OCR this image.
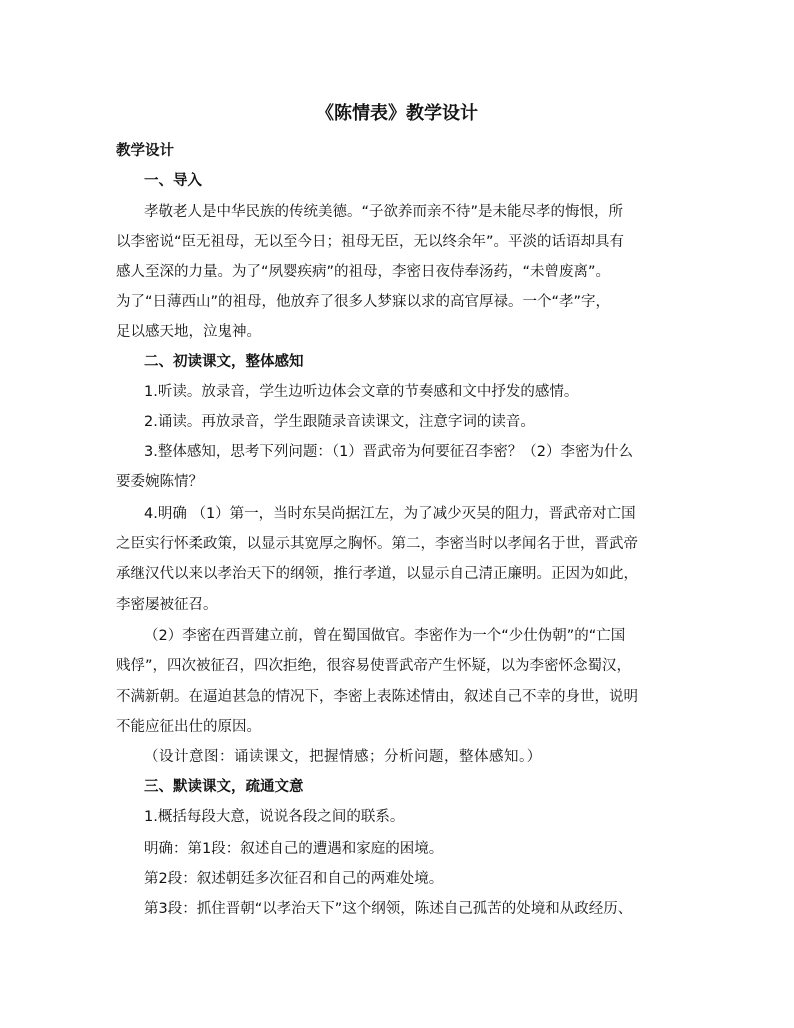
《陈情表》教学设计
教学设计
一、导入
孝敬老人是中华民族的传统美德。“子欲养而亲不待”是未能尽孝的悔恨，所
以李密说“臣无祖母，无以至今日；祖母无臣，无以终余年”。平淡的话语却具有
感人至深的力量。为了“夙婴疾病”的祖母，李密日夜侍奉汤药，“未曾废离”。
为了“日薄西山”的祖母，他放弃了很多人梦寐以求的高官厚禄。一个“孝”字，
足以感天地，泣鬼神。
二、初读课文，整体感知
1.听读。放录音，学生边听边体会文章的节奏感和文中抒发的感情。
2.诵读。再放录音，学生跟随录音读课文，注意字词的读音。
3.整体感知，思考下列问题：（1）晋武帝为何要征召李密？（2）李密为什么
要委婉陈情？
4.明确 （1）第一，当时东吴尚据江左，为了减少灭吴的阻力，晋武帝对亡国
之臣实行怀柔政策，以显示其宽厚之胸怀。第二，李密当时以孝闻名于世，晋武帝
承继汉代以来以孝治天下的纲领，推行孝道，以显示自己清正廉明。正因为如此，
李密屡被征召。
（2）李密在西晋建立前，曾在蜀国做官。李密作为一个“少仕伪朝”的“亡国
贱俘”，四次被征召，四次拒绝，很容易使晋武帝产生怀疑，以为李密怀念蜀汉，
不满新朝。在逼迫甚急的情况下，李密上表陈述情由，叙述自己不幸的身世，说明
不能应征出仕的原因。
（设计意图：诵读课文，把握情感；分析问题，整体感知。）
三、默读课文，疏通文意
1.概括每段大意，说说各段之间的联系。
明确：第1段：叙述自己的遭遇和家庭的困境。
第2段：叙述朝廷多次征召和自己的两难处境。
第3段：抓住晋朝“以孝治天下”这个纲领，陈述自己孤苦的处境和从政经历、
